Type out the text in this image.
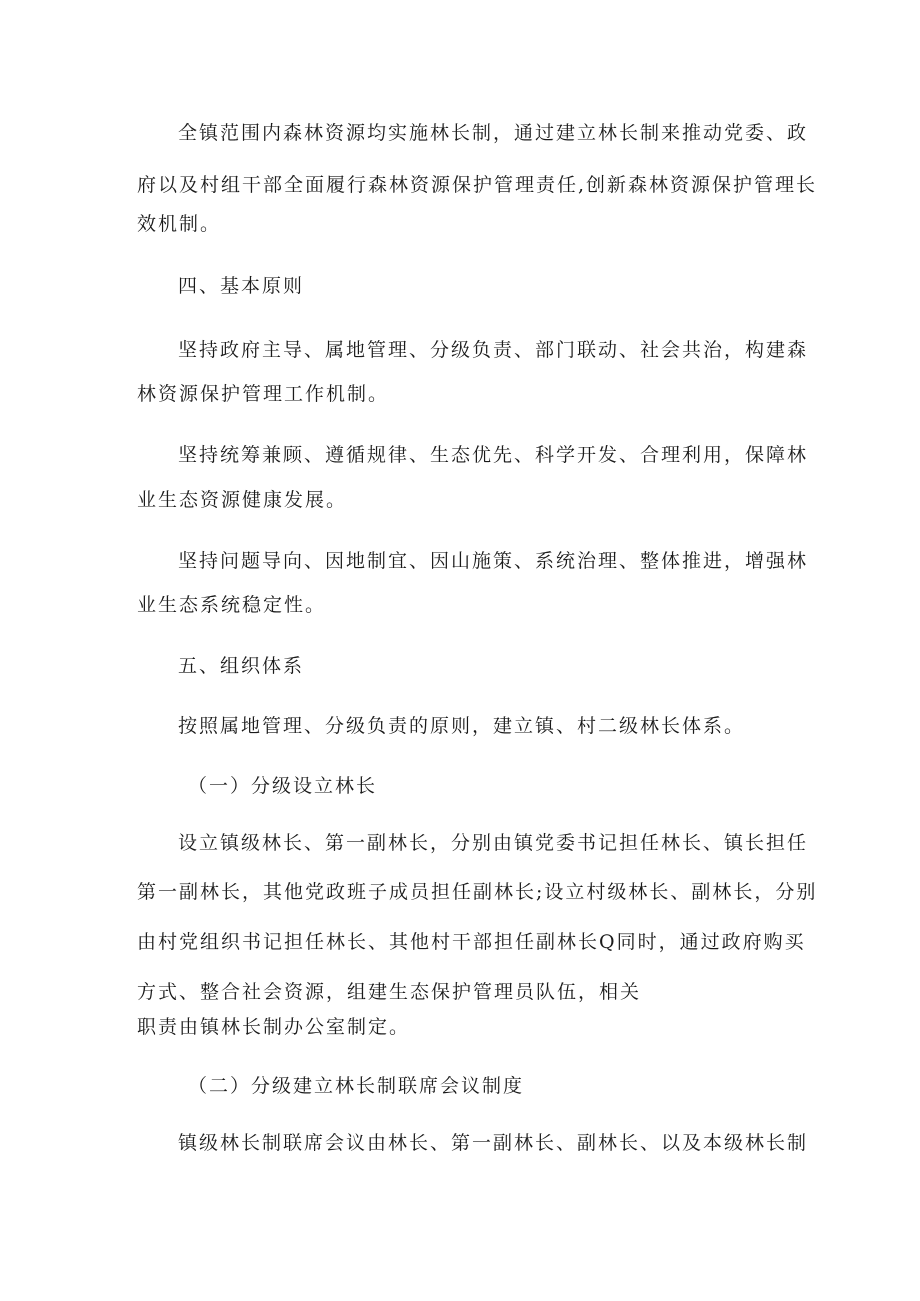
全镇范围内森林资源均实施林长制，通过建立林长制来推动党委、政
府以及村组干部全面履行森林资源保护管理责任,创新森林资源保护管理长
效机制。
四、基本原则
坚持政府主导、属地管理、分级负责、部门联动、社会共治，构建森
林资源保护管理工作机制。
坚持统筹兼顾、遵循规律、生态优先、科学开发、合理利用，保障林
业生态资源健康发展。
坚持问题导向、因地制宜、因山施策、系统治理、整体推进，增强林
业生态系统稳定性。
五、组织体系
按照属地管理、分级负责的原则，建立镇、村二级林长体系。
（一）分级设立林长
设立镇级林长、第一副林长，分别由镇党委书记担任林长、镇长担任
第一副林长，其他党政班子成员担任副林长;设立村级林长、副林长，分别
由村党组织书记担任林长、其他村干部担任副林长Q同时，通过政府购买
方式、整合社会资源，组建生态保护管理员队伍，相关
职责由镇林长制办公室制定。
（二）分级建立林长制联席会议制度
镇级林长制联席会议由林长、第一副林长、副林长、以及本级林长制
